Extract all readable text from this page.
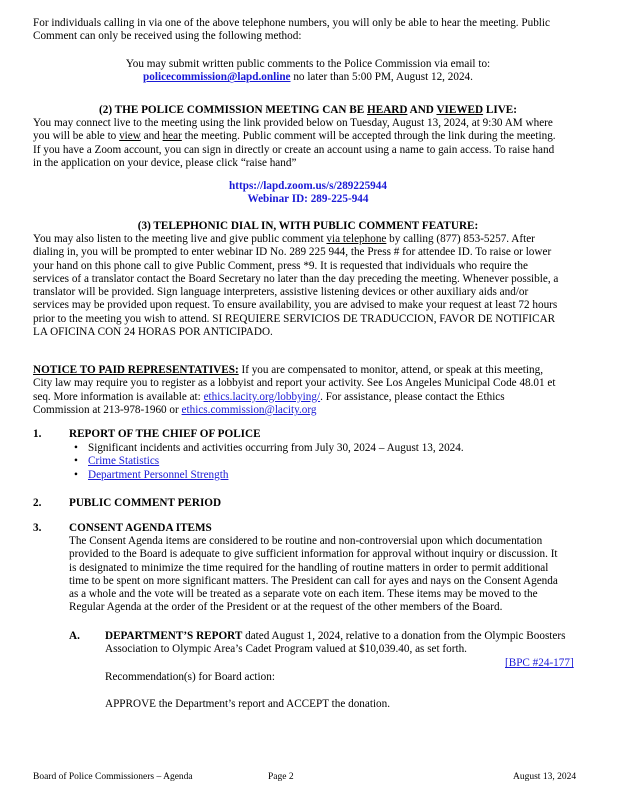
For individuals calling in via one of the above telephone numbers, you will only be able to hear the meeting. Public

Comment can only be received using the following method:

You may submit written public comments to the Police Commission via email to:

policecommission@lapd.online no later than 5:00 PM, August 12, 2024.

(2) THE POLICE COMMISSION MEETING CAN BE HEARD AND VIEWED LIVE:

You may connect live to the meeting using the link provided below on Tuesday, August 13, 2024, at 9:30 AM where

you will be able to view and hear the meeting. Public comment will be accepted through the link during the meeting.

If you have a Zoom account, you can sign in directly or create an account using a name to gain access. To raise hand

in the application on your device, please click “raise hand”

https://lapd.zoom.us/s/289225944

Webinar ID: 289-225-944

(3) TELEPHONIC DIAL IN, WITH PUBLIC COMMENT FEATURE:

You may also listen to the meeting live and give public comment via telephone by calling (877) 853-5257. After

dialing in, you will be prompted to enter webinar ID No. 289 225 944, the Press # for attendee ID. To raise or lower

your hand on this phone call to give Public Comment, press *9. It is requested that individuals who require the

services of a translator contact the Board Secretary no later than the day preceding the meeting. Whenever possible, a

translator will be provided. Sign language interpreters, assistive listening devices or other auxiliary aids and/or

services may be provided upon request. To ensure availability, you are advised to make your request at least 72 hours

prior to the meeting you wish to attend. SI REQUIERE SERVICIOS DE TRADUCCION, FAVOR DE NOTIFICAR

LA OFICINA CON 24 HORAS POR ANTICIPADO.

NOTICE TO PAID REPRESENTATIVES: If you are compensated to monitor, attend, or speak at this meeting,

City law may require you to register as a lobbyist and report your activity. See Los Angeles Municipal Code 48.01 et

seq. More information is available at: ethics.lacity.org/lobbying/. For assistance, please contact the Ethics

Commission at 213-978-1960 or ethics.commission@lacity.org

1. REPORT OF THE CHIEF OF POLICE
• Significant incidents and activities occurring from July 30, 2024 – August 13, 2024.
• Crime Statistics
• Department Personnel Strength
2. PUBLIC COMMENT PERIOD
3. CONSENT AGENDA ITEMS

The Consent Agenda items are considered to be routine and non-controversial upon which documentation

provided to the Board is adequate to give sufficient information for approval without inquiry or discussion. It

is designated to minimize the time required for the handling of routine matters in order to permit additional

time to be spent on more significant matters. The President can call for ayes and nays on the Consent Agenda

as a whole and the vote will be treated as a separate vote on each item. These items may be moved to the

Regular Agenda at the order of the President or at the request of the other members of the Board.

A. DEPARTMENT’S REPORT dated August 1, 2024, relative to a donation from the Olympic Boosters

Association to Olympic Area’s Cadet Program valued at $10,039.40, as set forth.

[BPC #24-177]
Recommendation(s) for Board action:
APPROVE the Department’s report and ACCEPT the donation.
Board of Police Commissioners – Agenda	Page 2	August 13, 2024
